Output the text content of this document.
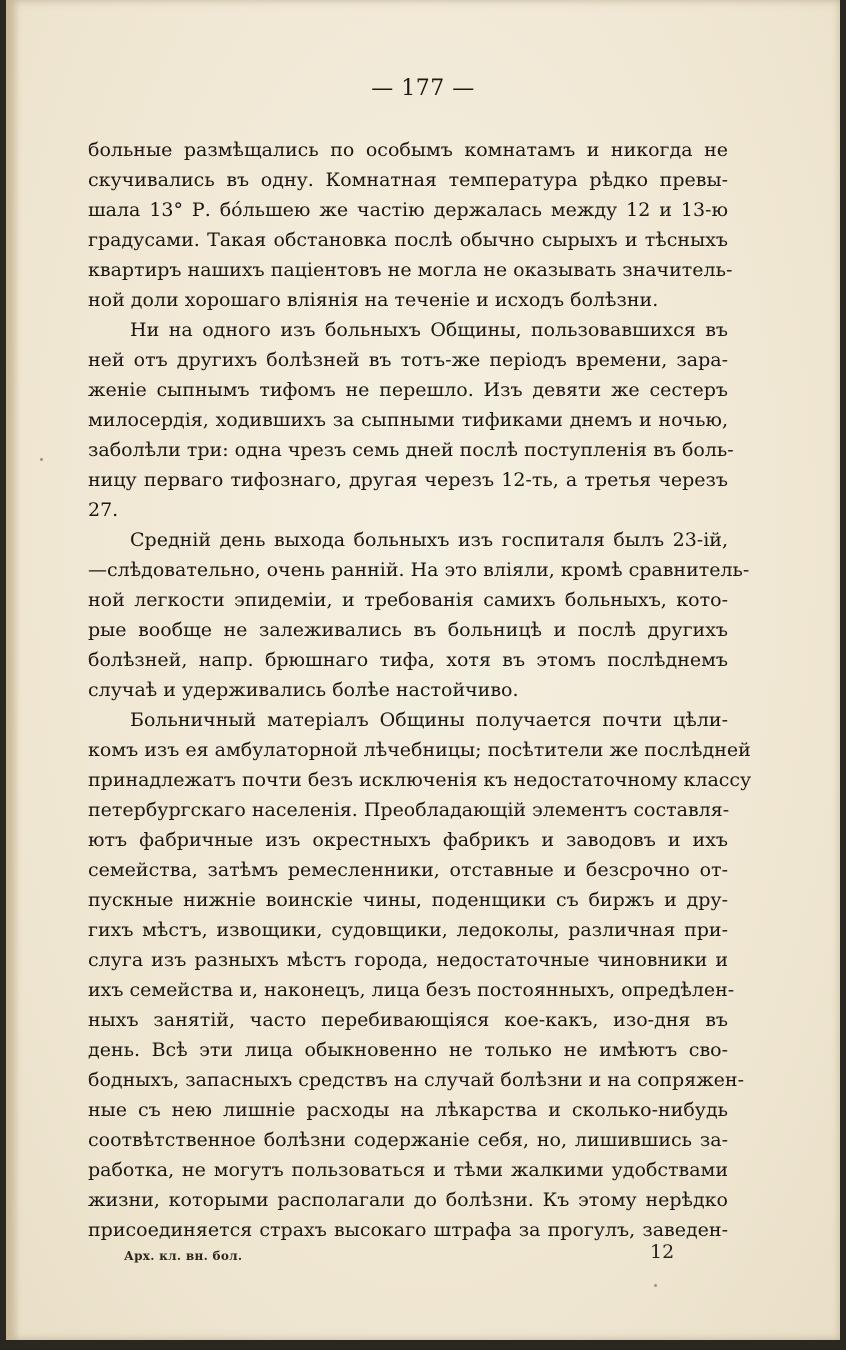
— 177 —
больные размѣщались по особымъ комнатамъ и никогда не
скучивались въ одну. Комнатная температура рѣдко превы-
шала 13° Р. бо́льшею же частію держалась между 12 и 13-ю
градусами. Такая обстановка послѣ обычно сырыхъ и тѣсныхъ
квартиръ нашихъ паціентовъ не могла не оказывать значитель-
ной доли хорошаго вліянія на теченіе и исходъ болѣзни.
Ни на одного изъ больныхъ Общины, пользовавшихся въ
ней отъ другихъ болѣзней въ тотъ-же періодъ времени, зара-
женіе сыпнымъ тифомъ не перешло. Изъ девяти же сестеръ
милосердія, ходившихъ за сыпными тификами днемъ и ночью,
заболѣли три: одна чрезъ семь дней послѣ поступленія въ боль-
ницу перваго тифознаго, другая черезъ 12-ть, а третья черезъ
27.
Средній день выхода больныхъ изъ госпиталя былъ 23-ій,
—слѣдовательно, очень ранній. На это вліяли, кромѣ сравнитель-
ной легкости эпидеміи, и требованія самихъ больныхъ, кото-
рые вообще не залеживались въ больницѣ и послѣ другихъ
болѣзней, напр. брюшнаго тифа, хотя въ этомъ послѣднемъ
случаѣ и удерживались болѣе настойчиво.
Больничный матеріалъ Общины получается почти цѣли-
комъ изъ ея амбулаторной лѣчебницы; посѣтители же послѣдней
принадлежатъ почти безъ исключенія къ недостаточному классу
петербургскаго населенія. Преобладающій элементъ составля-
ютъ фабричные изъ окрестныхъ фабрикъ и заводовъ и ихъ
семейства, затѣмъ ремесленники, отставные и безсрочно от-
пускные нижніе воинскіе чины, поденщики съ биржъ и дру-
гихъ мѣстъ, извощики, судовщики, ледоколы, различная при-
слуга изъ разныхъ мѣстъ города, недостаточные чиновники и
ихъ семейства и, наконецъ, лица безъ постоянныхъ, опредѣлен-
ныхъ занятій, часто перебивающіяся кое-какъ, изо-дня въ
день. Всѣ эти лица обыкновенно не только не имѣютъ сво-
бодныхъ, запасныхъ средствъ на случай болѣзни и на сопряжен-
ные съ нею лишніе расходы на лѣкарства и сколько-нибудь
соотвѣтственное болѣзни содержаніе себя, но, лишившись за-
работка, не могутъ пользоваться и тѣми жалкими удобствами
жизни, которыми располагали до болѣзни. Къ этому нерѣдко
присоединяется страхъ высокаго штрафа за прогулъ, заведен-
Арх. кл. вн. бол.	12
